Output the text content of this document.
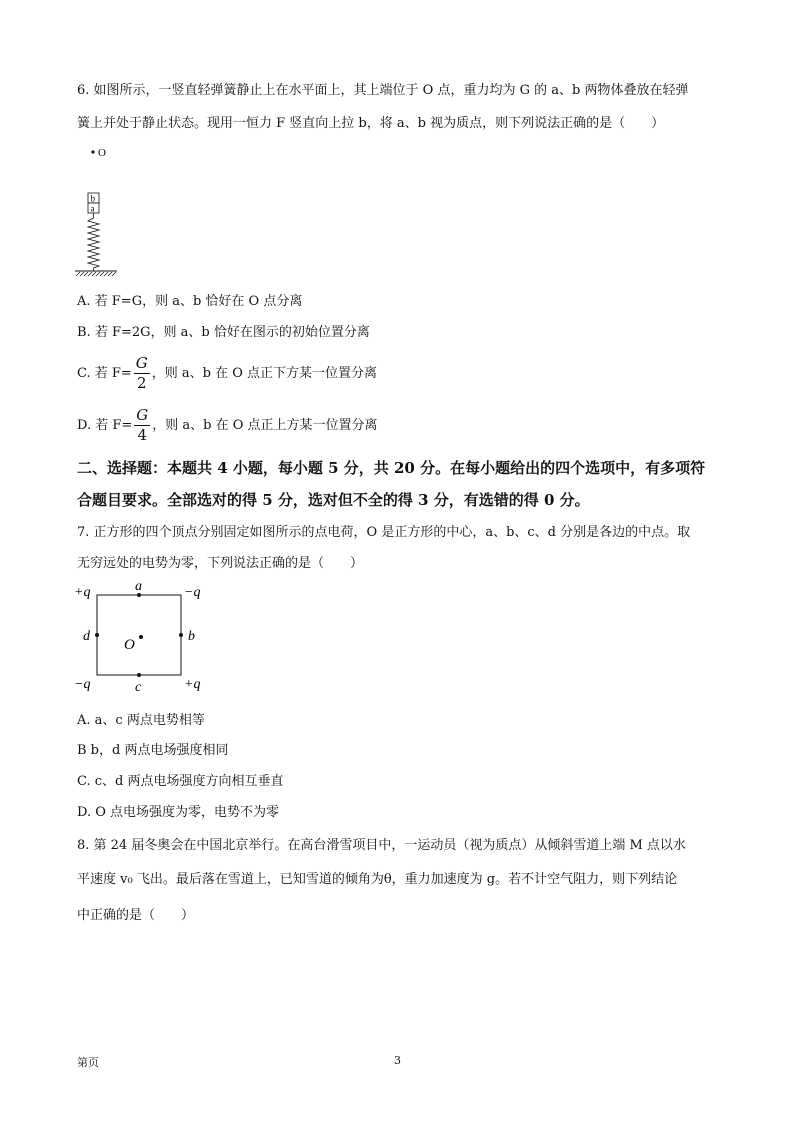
6. 如图所示，一竖直轻弹簧静止上在水平面上，其上端位于 O 点，重力均为 G 的 a、b 两物体叠放在轻弹
簧上并处于静止状态。现用一恒力 F 竖直向上拉 b，将 a、b 视为质点，则下列说法正确的是（　　）
O
b
a
A. 若 F=G，则 a、b 恰好在 O 点分离
B. 若 F=2G，则 a、b 恰好在图示的初始位置分离
C. 若 $F= \frac{G}{2}$ ，则 a、b 在 O 点正下方某一位置分离
D. 若 $F= \frac{G}{4}$ ，则 a、b 在 O 点正上方某一位置分离
二、选择题：本题共 4 小题，每小题 5 分，共 20 分。在每小题给出的四个选项中，有多项符
合题目要求。全部选对的得 5 分，选对但不全的得 3 分，有选错的得 0 分。
7. 正方形的四个顶点分别固定如图所示的点电荷，O 是正方形的中心，a、b、c、d 分别是各边的中点。取
无穷远处的电势为零，下列说法正确的是（　　）
+q	−q
−q	+q
a
b
c
d
O
A. a、c 两点电势相等
B b，d 两点电场强度相同
C. c、d 两点电场强度方向相互垂直
D. O 点电场强度为零，电势不为零
8. 第 24 届冬奥会在中国北京举行。在高台滑雪项目中，一运动员（视为质点）从倾斜雪道上端 M 点以水
平速度 v₀ 飞出。最后落在雪道上，已知雪道的倾角为θ，重力加速度为 g。若不计空气阻力，则下列结论
中正确的是（　　）
第页	3
